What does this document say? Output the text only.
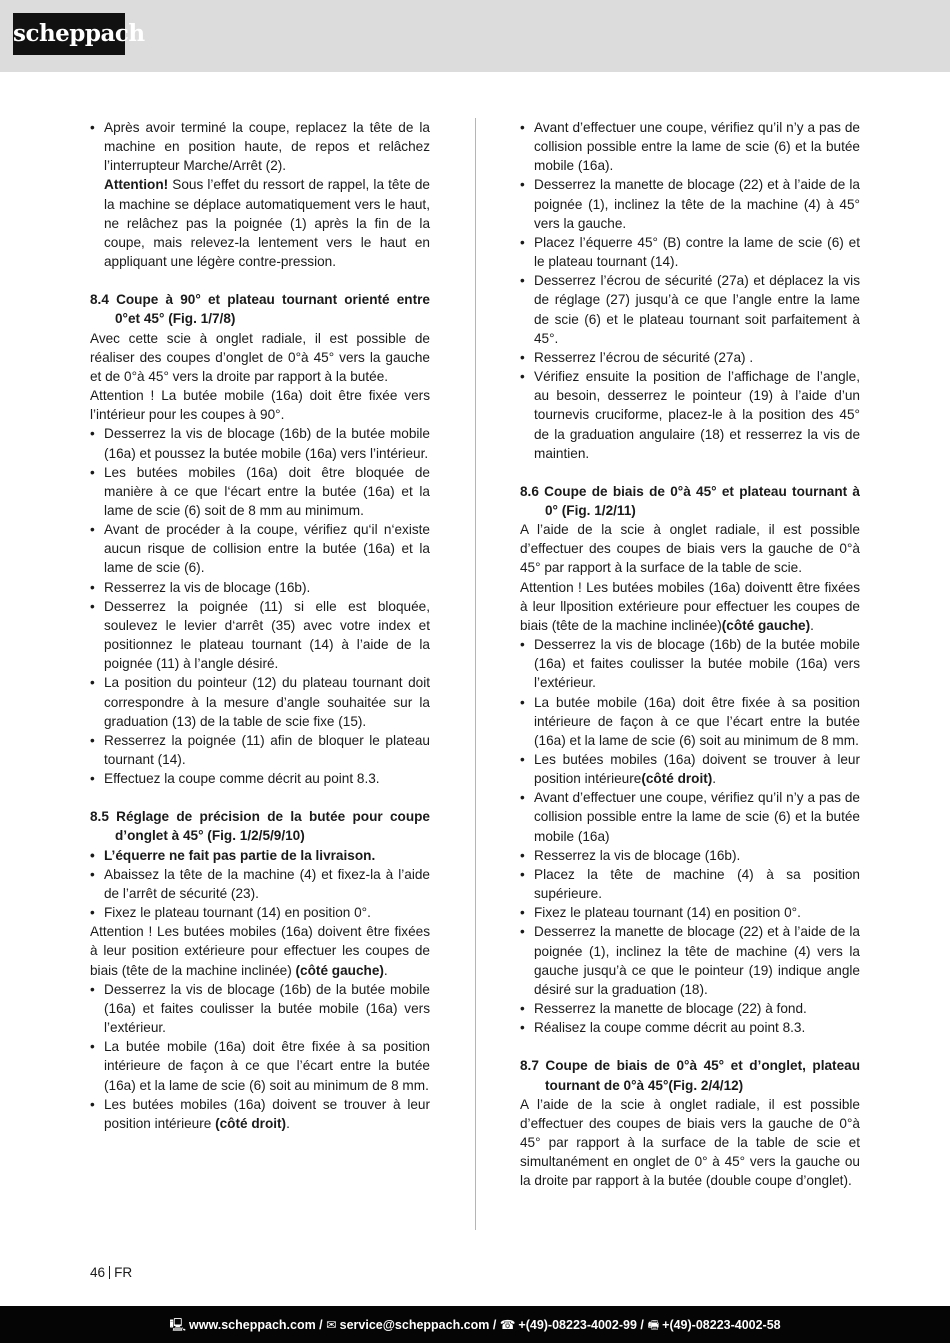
scheppach
• Après avoir terminé la coupe, replacez la tête de la machine en position haute, de repos et relâchez l’interrupteur Marche/Arrêt (2).

Attention! Sous l’effet du ressort de rappel, la tête de la machine se déplace automatiquement vers le haut, ne relâchez pas la poignée (1) après la fin de la coupe, mais relevez-la lentement vers le haut en appliquant une légère contre-pression.

8.4 Coupe à 90° et plateau tournant orienté entre 0°et 45° (Fig. 1/7/8)

Avec cette scie à onglet radiale, il est possible de réaliser des coupes d’onglet de 0°à 45° vers la gauche et de 0°à 45° vers la droite par rapport à la butée.

Attention ! La butée mobile (16a) doit être fixée vers l’intérieur pour les coupes à 90°.

• Desserrez la vis de blocage (16b) de la butée mobile (16a) et poussez la butée mobile (16a) vers l’intérieur.
• Les butées mobiles (16a) doit être bloquée de manière à ce que l‘écart entre la butée (16a) et la lame de scie (6) soit de 8 mm au minimum.
• Avant de procéder à la coupe, vérifiez qu‘il n‘existe aucun risque de collision entre la butée (16a) et la lame de scie (6).
• Resserrez la vis de blocage (16b).
• Desserrez la poignée (11) si elle est bloquée, soulevez le levier d‘arrêt (35) avec votre index et positionnez le plateau tournant (14) à l’aide de la poignée (11) à l’angle désiré.
• La position du pointeur (12) du plateau tournant doit correspondre à la mesure d’angle souhaitée sur la graduation (13) de la table de scie fixe (15).
• Resserrez la poignée (11) afin de bloquer le plateau tournant (14).
• Effectuez la coupe comme décrit au point 8.3.

8.5 Réglage de précision de la butée pour coupe d’onglet à 45° (Fig. 1/2/5/9/10)

• L’équerre ne fait pas partie de la livraison.
• Abaissez la tête de la machine (4) et fixez-la à l’aide de l’arrêt de sécurité (23).
• Fixez le plateau tournant (14) en position 0°.

Attention ! Les butées mobiles (16a) doivent être fixées à leur position extérieure pour effectuer les coupes de biais (tête de la machine inclinée) (côté gauche).

• Desserrez la vis de blocage (16b) de la butée mobile (16a) et faites coulisser la butée mobile (16a) vers l’extérieur.
• La butée mobile (16a) doit être fixée à sa position intérieure de façon à ce que l’écart entre la butée (16a) et la lame de scie (6) soit au minimum de 8 mm.
• Les butées mobiles (16a) doivent se trouver à leur position intérieure (côté droit).
• Avant d’effectuer une coupe, vérifiez qu’il n’y a pas de collision possible entre la lame de scie (6) et la butée mobile (16a).
• Desserrez la manette de blocage (22) et à l’aide de la poignée (1), inclinez la tête de la machine (4) à 45° vers la gauche.
• Placez l’équerre 45° (B) contre la lame de scie (6) et le plateau tournant (14).
• Desserrez l’écrou de sécurité (27a) et déplacez la vis de réglage (27) jusqu’à ce que l’angle entre la lame de scie (6) et le plateau tournant soit parfaitement à 45°.
• Resserrez l’écrou de sécurité (27a) .
• Vérifiez ensuite la position de l’affichage de l’angle, au besoin, desserrez le pointeur (19) à l’aide d’un tournevis cruciforme, placez-le à la position des 45° de la graduation angulaire (18) et resserrez la vis de maintien.

8.6 Coupe de biais de 0°à 45° et plateau tournant à 0° (Fig. 1/2/11)

A l’aide de la scie à onglet radiale, il est possible d’effectuer des coupes de biais vers la gauche de 0°à 45° par rapport à la surface de la table de scie.

Attention ! Les butées mobiles (16a) doiventt être fixées à leur llposition extérieure pour effectuer les coupes de biais (tête de la machine inclinée)(côté gauche).

• Desserrez la vis de blocage (16b) de la butée mobile (16a) et faites coulisser la butée mobile (16a) vers l’extérieur.
• La butée mobile (16a) doit être fixée à sa position intérieure de façon à ce que l’écart entre la butée (16a) et la lame de scie (6) soit au minimum de 8 mm.
• Les butées mobiles (16a) doivent se trouver à leur position intérieure(côté droit).
• Avant d’effectuer une coupe, vérifiez qu’il n’y a pas de collision possible entre la lame de scie (6) et la butée mobile (16a)
• Resserrez la vis de blocage (16b).
• Placez la tête de machine (4) à sa position supérieure.
• Fixez le plateau tournant (14) en position 0°.
• Desserrez la manette de blocage (22) et à l’aide de la poignée (1), inclinez la tête de machine (4) vers la gauche jusqu’à ce que le pointeur (19) indique angle désiré sur la graduation (18).
• Resserrez la manette de blocage (22) à fond.
• Réalisez la coupe comme décrit au point 8.3.

8.7 Coupe de biais de 0°à 45° et d’onglet, plateau tournant de 0°à 45°(Fig. 2/4/12)

A l’aide de la scie à onglet radiale, il est possible d’effectuer des coupes de biais vers la gauche de 0°à 45° par rapport à la surface de la table de scie et simultanément en onglet de 0° à 45° vers la gauche ou la droite par rapport à la butée (double coupe d’onglet).

46 FR
🖳 www.scheppach.com / ✉ service@scheppach.com / ☎ +(49)-08223-4002-99 / 🖷 +(49)-08223-4002-58
